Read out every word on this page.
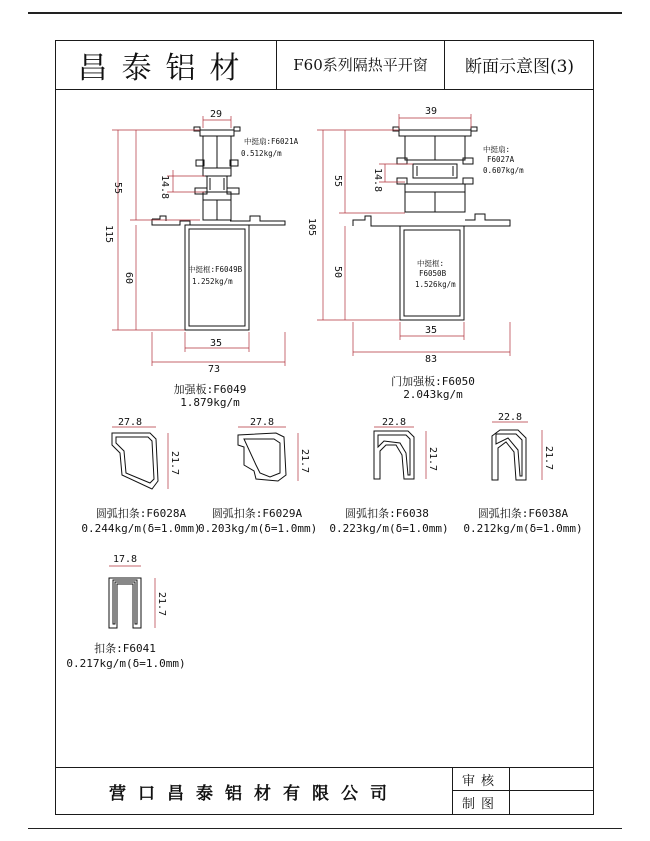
昌泰铝材	F60系列隔热平开窗 断面示意图(3)
29
55	14.8
115
60
35
73
中挺扇:F6021A
0.512kg/m
中挺框:F6049B
1.252kg/m
加强板:F6049
1.879kg/m
39
55	14.8
105
50
35
83
中挺扇:
F6027A
0.607kg/m
中挺框:
F6050B
1.526kg/m
门加强板:F6050
2.043kg/m
27.8
21.7
圆弧扣条:F6028A
0.244kg/m(δ=1.0mm)
27.8
21.7
圆弧扣条:F6029A
0.203kg/m(δ=1.0mm)
22.8
21.7
圆弧扣条:F6038
0.223kg/m(δ=1.0mm)
22.8
21.7
圆弧扣条:F6038A
0.212kg/m(δ=1.0mm)
17.8
21.7
扣条:F6041
0.217kg/m(δ=1.0mm)
营口昌泰铝材有限公司
审核
制图
